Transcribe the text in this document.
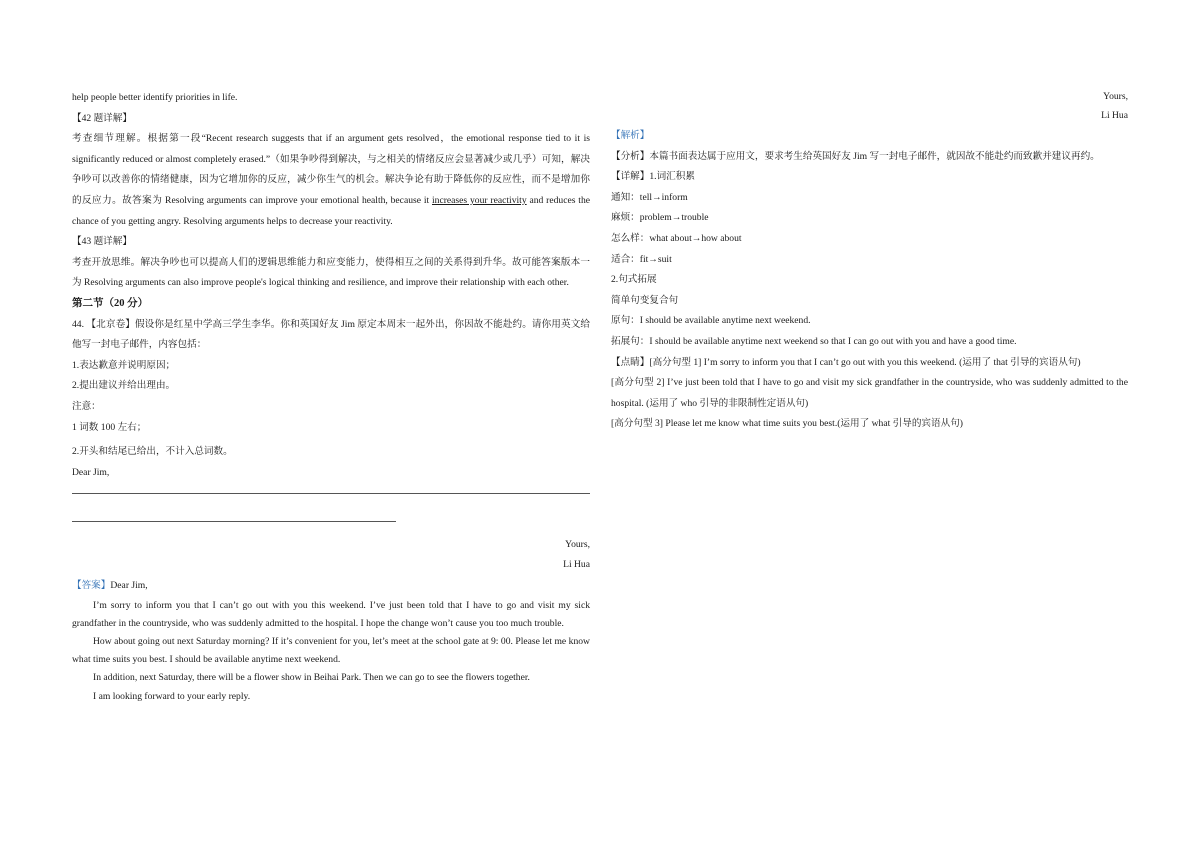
help people better identify priorities in life.

【42 题详解】

考查细节理解。根据第一段“Recent research suggests that if an argument gets resolved，the emotional response tied to it is significantly reduced or almost completely erased.”（如果争吵得到解决，与之相关的情绪反应会显著减少或几乎）可知，解决争吵可以改善你的情绪健康，因为它增加你的反应，减少你生气的机会。解决争论有助于降低你的反应性，而不是增加你的反应力。故答案为 Resolving arguments can improve your emotional health, because it increases your reactivity and reduces the chance of you getting angry. Resolving arguments helps to decrease your reactivity.

【43 题详解】

考查开放思维。解决争吵也可以提高人们的逻辑思维能力和应变能力，使得相互之间的关系得到升华。故可能答案版本一为 Resolving arguments can also improve people's logical thinking and resilience, and improve their relationship with each other.

第二节（20 分）

44. 【北京卷】假设你是红星中学高三学生李华。你和英国好友 Jim 原定本周末一起外出，你因故不能赴约。请你用英文给他写一封电子邮件，内容包括：

1.表达歉意并说明原因；

2.提出建议并给出理由。

注意：

1 词数 100 左右；

2.开头和结尾已给出，不计入总词数。

Dear Jim,

Yours,

Li Hua

【答案】Dear Jim,

I’m sorry to inform you that I can’t go out with you this weekend. I’ve just been told that I have to go and visit my sick grandfather in the countryside, who was suddenly admitted to the hospital. I hope the change won’t cause you too much trouble.

How about going out next Saturday morning? If it’s convenient for you, let’s meet at the school gate at 9: 00. Please let me know what time suits you best. I should be available anytime next weekend.

In addition, next Saturday, there will be a flower show in Beihai Park. Then we can go to see the flowers together.

I am looking forward to your early reply.

Yours,
Li Hua

【解析】

【分析】本篇书面表达属于应用文，要求考生给英国好友 Jim 写一封电子邮件，就因故不能赴约而致歉并建议再约。

【详解】1.词汇积累

通知：tell→inform

麻烦：problem→trouble

怎么样：what about→how about

适合：fit→suit

2.句式拓展

简单句变复合句

原句：I should be available anytime next weekend.

拓展句：I should be available anytime next weekend so that I can go out with you and have a good time.

【点睛】[高分句型 1] I’m sorry to inform you that I can’t go out with you this weekend. (运用了 that 引导的宾语从句)

[高分句型 2] I’ve just been told that I have to go and visit my sick grandfather in the countryside, who was suddenly admitted to the hospital. (运用了 who 引导的非限制性定语从句)

[高分句型 3] Please let me know what time suits you best.(运用了 what 引导的宾语从句)
